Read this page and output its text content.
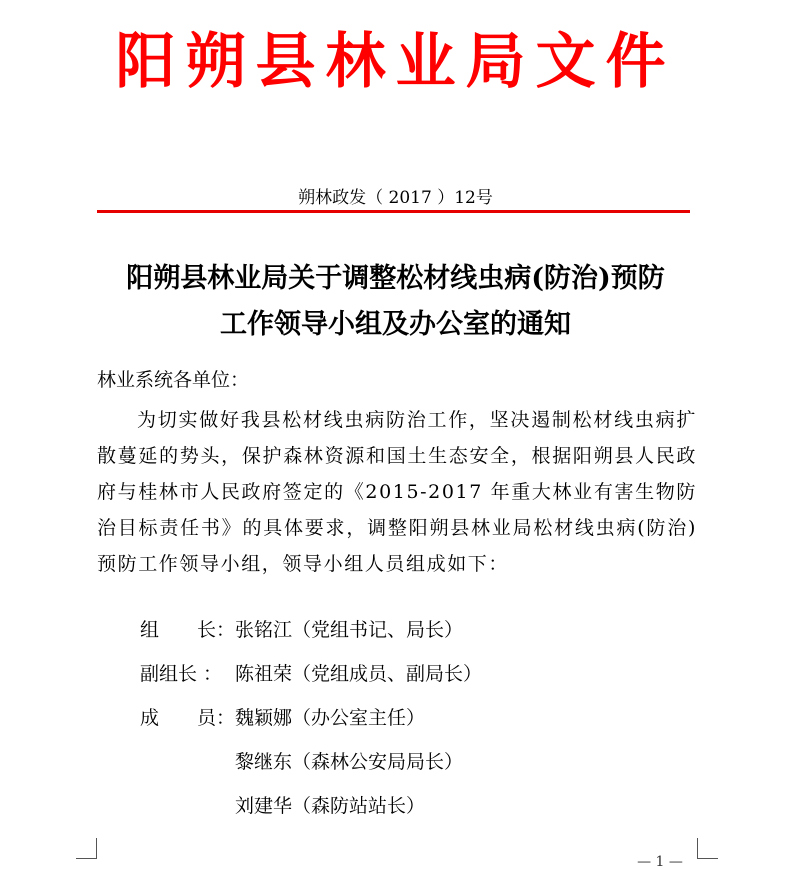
阳朔县林业局文件
朔林政发（ 2017 ）12号
阳朔县林业局关于调整松材线虫病(防治)预防
工作领导小组及办公室的通知

林业系统各单位：

为切实做好我县松材线虫病防治工作，坚决遏制松材线虫病扩散蔓延的势头，保护森林资源和国土生态安全，根据阳朔县人民政府与桂林市人民政府签定的《2015-2017 年重大林业有害生物防治目标责任书》的具体要求，调整阳朔县林业局松材线虫病(防治)预防工作领导小组，领导小组人员组成如下：

组　　长：张铭江（党组书记、局长）
副组长 ： 陈祖荣（党组成员、副局长）
成　　员：魏颖娜（办公室主任）
黎继东（森林公安局局长）
刘建华（森防站站长）
— 1 —
